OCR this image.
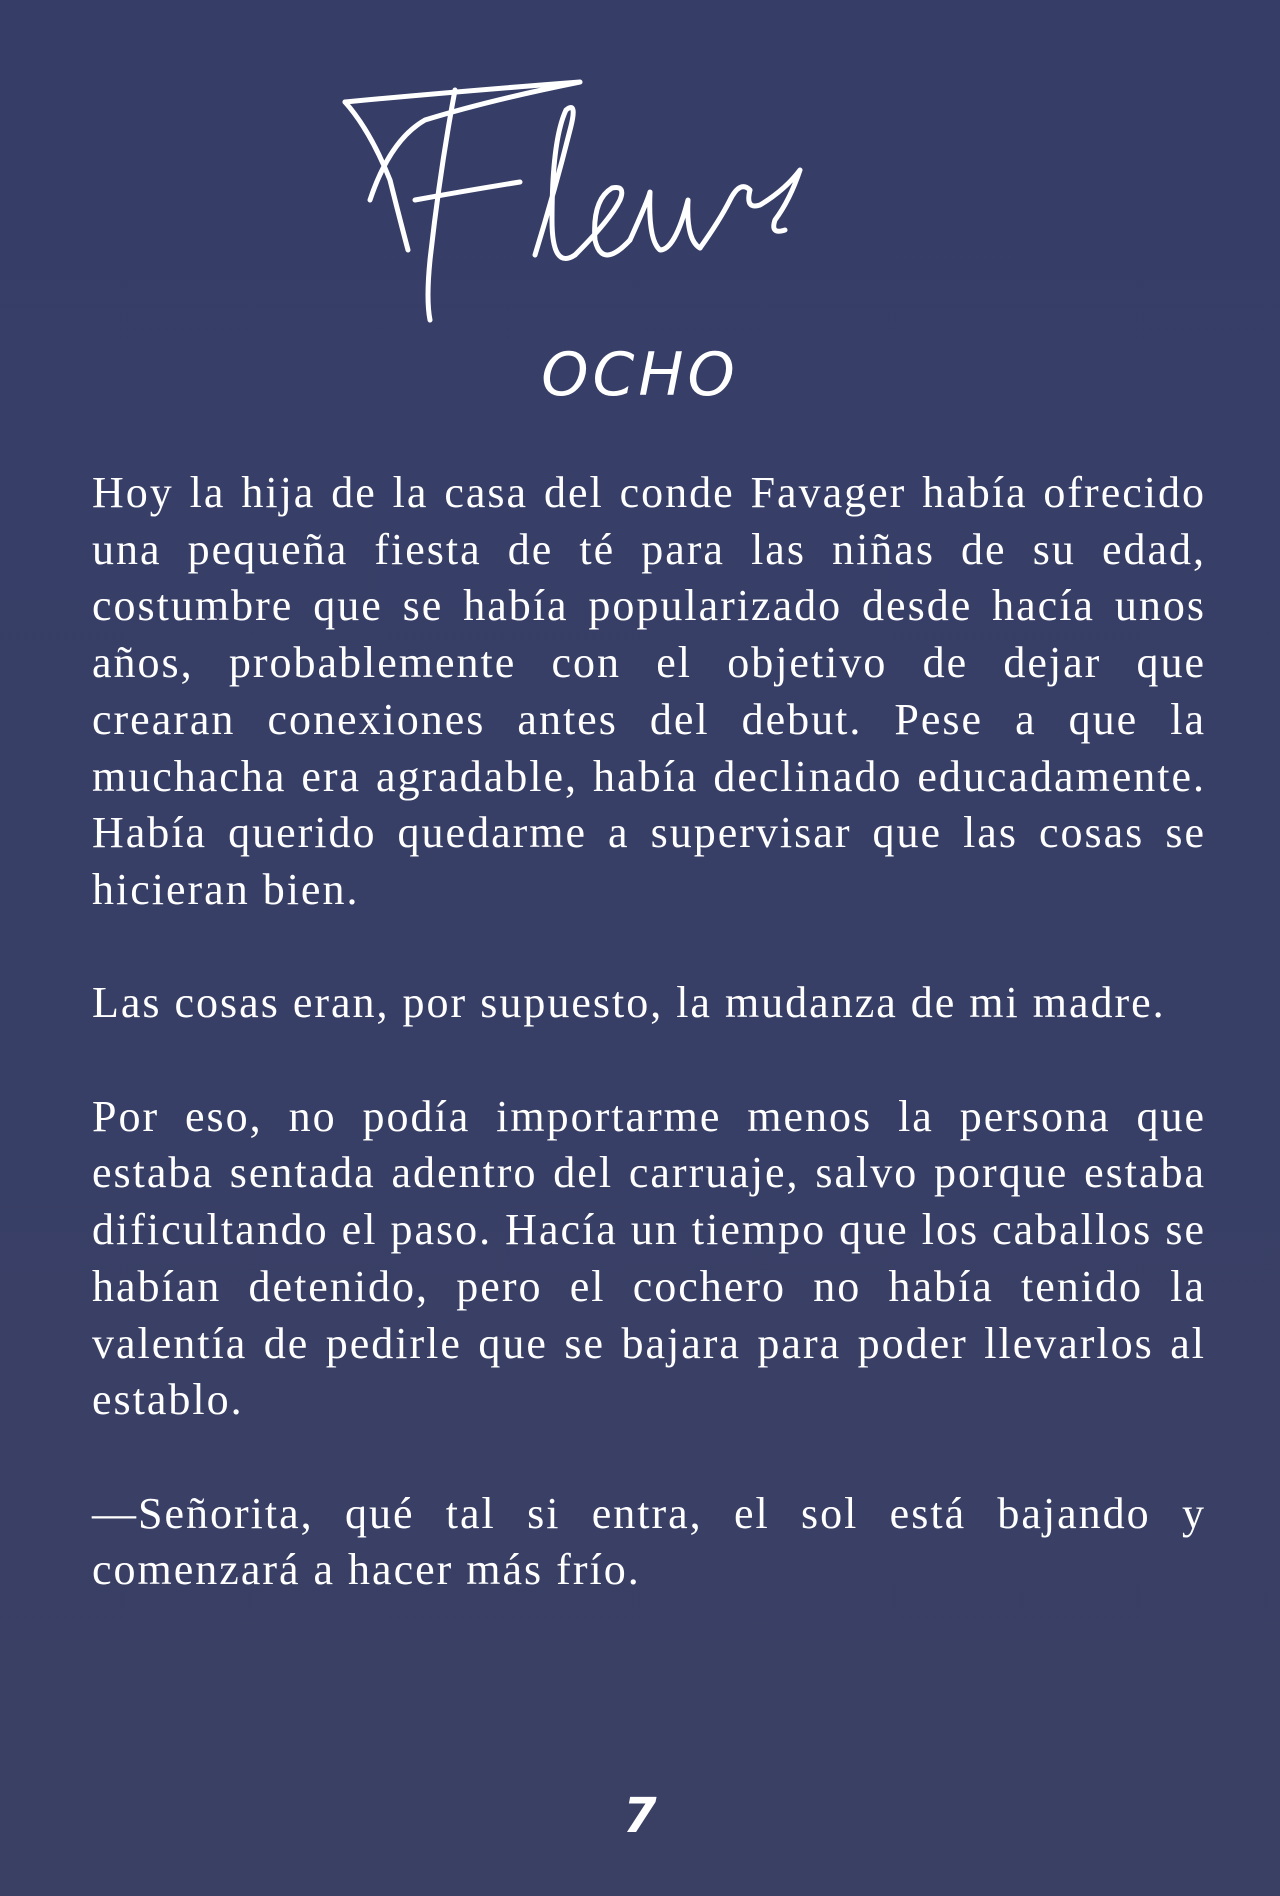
OCHO

Hoy la hija de la casa del conde Favager había ofrecido una pequeña fiesta de té para las niñas de su edad, costumbre que se había popularizado desde hacía unos años, probablemente con el objetivo de dejar que crearan conexiones antes del debut. Pese a que la muchacha era agradable, había declinado educadamente. Había querido quedarme a supervisar que las cosas se hicieran bien.

Las cosas eran, por supuesto, la mudanza de mi madre.

Por eso, no podía importarme menos la persona que estaba sentada adentro del carruaje, salvo porque estaba dificultando el paso. Hacía un tiempo que los caballos se habían detenido, pero el cochero no había tenido la valentía de pedirle que se bajara para poder llevarlos al establo.

—Señorita, qué tal si entra, el sol está bajando y comenzará a hacer más frío.

7
